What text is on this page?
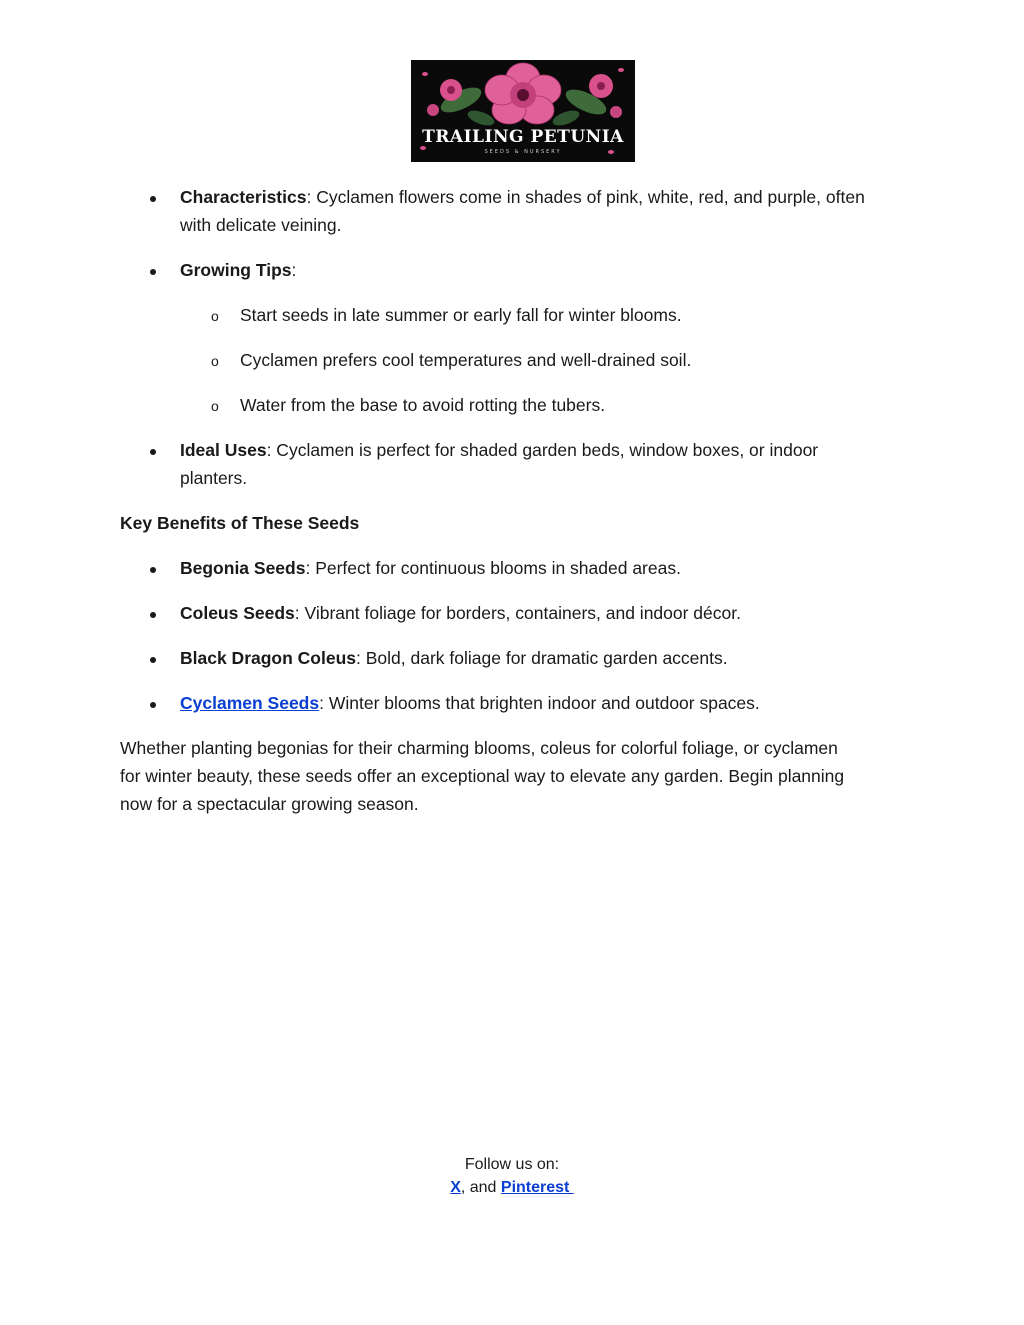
TRAILING PETUNIA
SEEDS & NURSERY
Characteristics: Cyclamen flowers come in shades of pink, white, red, and purple, often
with delicate veining.
Growing Tips:
o Start seeds in late summer or early fall for winter blooms.
o Cyclamen prefers cool temperatures and well-drained soil.
o Water from the base to avoid rotting the tubers.
Ideal Uses: Cyclamen is perfect for shaded garden beds, window boxes, or indoor
planters.
Key Benefits of These Seeds
Begonia Seeds: Perfect for continuous blooms in shaded areas.
Coleus Seeds: Vibrant foliage for borders, containers, and indoor décor.
Black Dragon Coleus: Bold, dark foliage for dramatic garden accents.
Cyclamen Seeds: Winter blooms that brighten indoor and outdoor spaces.
Whether planting begonias for their charming blooms, coleus for colorful foliage, or cyclamen
for winter beauty, these seeds offer an exceptional way to elevate any garden. Begin planning
now for a spectacular growing season.
Follow us on:
X, and Pinterest
